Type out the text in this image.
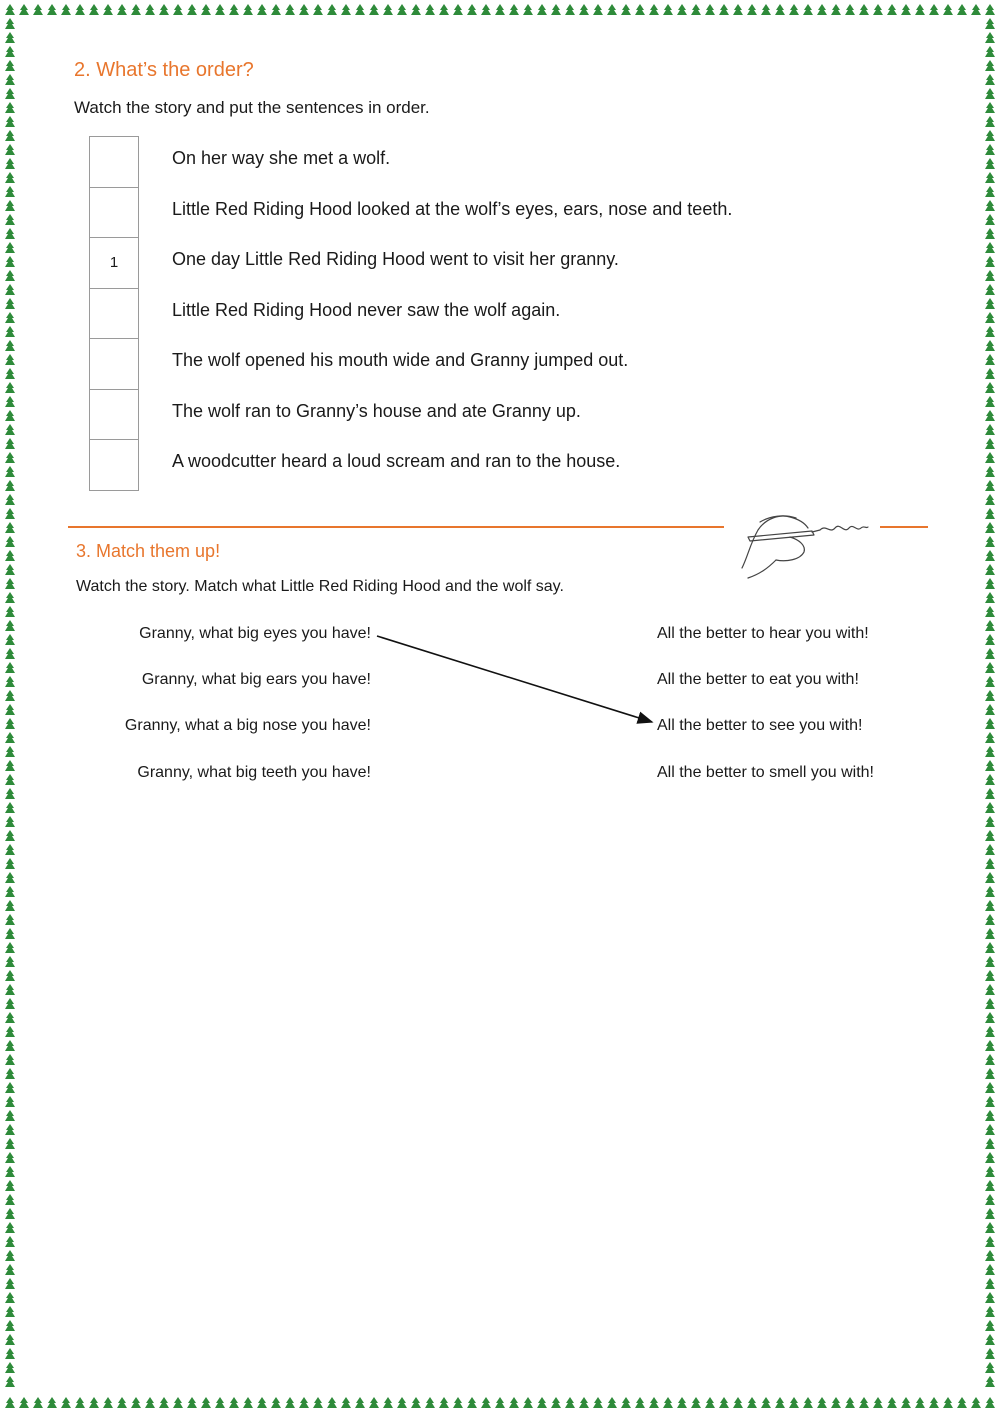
2. What’s the order?

Watch the story and put the sentences in order.

On her way she met a wolf.
Little Red Riding Hood looked at the wolf’s eyes, ears, nose and teeth.
1	One day Little Red Riding Hood went to visit her granny.
Little Red Riding Hood never saw the wolf again.
The wolf opened his mouth wide and Granny jumped out.
The wolf ran to Granny’s house and ate Granny up.
A woodcutter heard a loud scream and ran to the house.
3. Match them up!

Watch the story. Match what Little Red Riding Hood and the wolf say.

Granny, what big eyes you have!
Granny, what big ears you have!
Granny, what a big nose you have!
Granny, what big teeth you have!
All the better to hear you with!
All the better to eat you with!
All the better to see you with!
All the better to smell you with!
